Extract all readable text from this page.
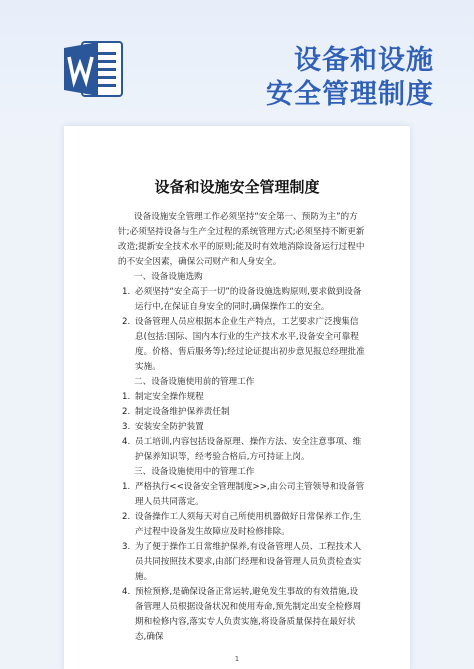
设备和设施
安全管理制度
设备和设施安全管理制度

设备设施安全管理工作必须坚持“安全第一、预防为主”的方针;必须坚持设备与生产全过程的系统管理方式;必须坚持不断更新改造;提新安全技术水平的原则;能及时有效地消除设备运行过程中的不安全因素，确保公司财产和人身安全。

一、设备设施选购

1. 必须坚持“安全高于一切”的设备设施选购原则,要求做到设备运行中,在保证自身安全的同时,确保操作工的安全。
2. 设备管理人员应根据本企业生产特点，工艺要求广泛搜集信息(包括:国际、国内本行业的生产技术水平,设备安全可靠程度。价格、售后服务等);经过论证提出初步意见报总经理批准实施。

二、设备设施使用前的管理工作

1. 制定安全操作规程
2. 制定设备维护保养责任制
3. 安装安全防护装置
4. 员工培训,内容包括设备原理、操作方法、安全注意事项、维护保养知识等，经考验合格后,方可持证上岗。

三、设备设施使用中的管理工作

1. 严格执行<<设备安全管理制度>>,由公司主管领导和设备管理人员共同落定。
2. 设备操作工人须每天对自己所使用机器做好日常保养工作,生产过程中设备发生故障应及时检修排除。
3. 为了便于操作工日常维护保养,有设备管理人员、工程技术人员共同按照技术要求,由部门经理和设备管理人员负责检查实施。
4. 预检预修,是确保设备正常运转,避免发生事故的有效措施,设备管理人员根据设备状况和使用寿命,预先制定出安全检修周期和检修内容,落实专人负责实施,将设备质量保持在最好状态,确保
1
